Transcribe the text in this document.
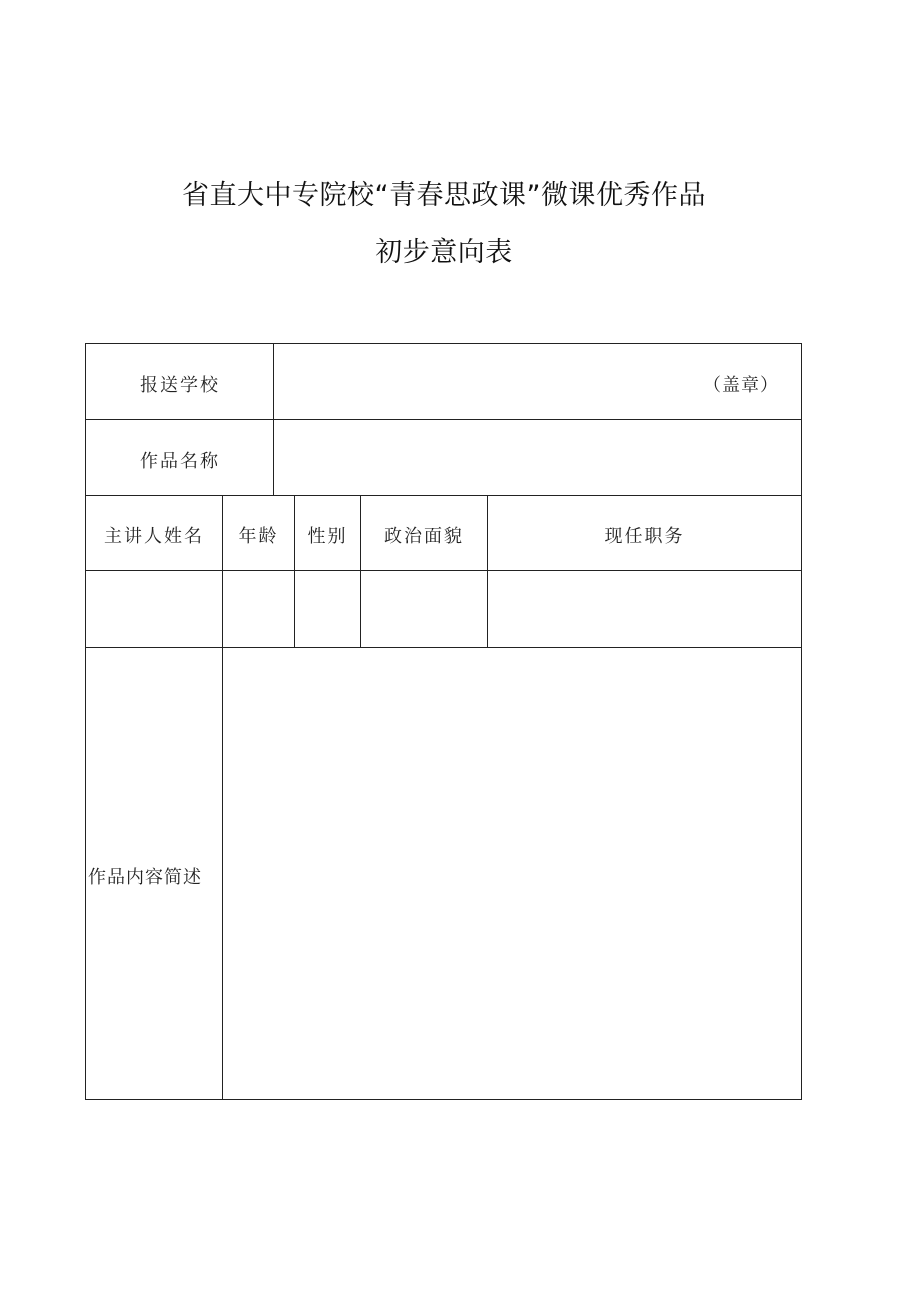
省直大中专院校“青春思政课”微课优秀作品
初步意向表
报送学校	（盖章）
作品名称
主讲人姓名	年龄	性别	政治面貌	现任职务
作品内容简述
